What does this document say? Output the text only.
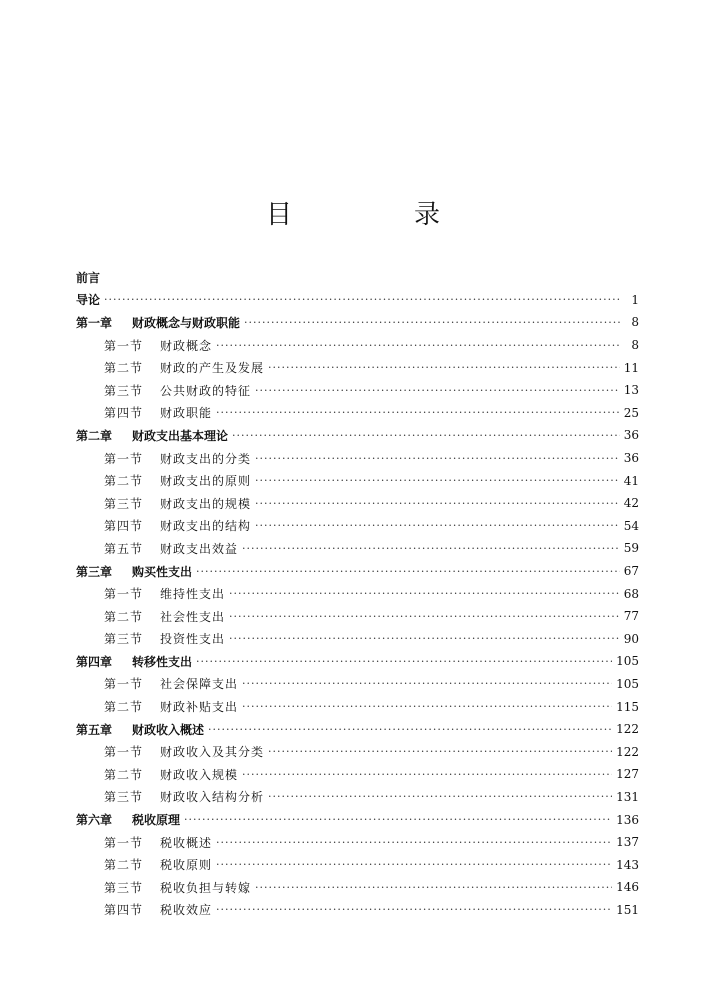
目　录
前言
导论 ·····	1
第一章	财政概念与财政职能 ·····	8
第一节	财政概念 ·····	8
第二节	财政的产生及发展 ·····	11
第三节	公共财政的特征 ·····	13
第四节	财政职能 ·····	25
第二章	财政支出基本理论 ·····	36
第一节	财政支出的分类 ·····	36
第二节	财政支出的原则 ·····	41
第三节	财政支出的规模 ·····	42
第四节	财政支出的结构 ·····	54
第五节	财政支出效益 ·····	59
第三章	购买性支出 ·····	67
第一节	维持性支出 ·····	68
第二节	社会性支出 ·····	77
第三节	投资性支出 ·····	90
第四章	转移性支出 ·····	105
第一节	社会保障支出 ·····	105
第二节	财政补贴支出 ·····	115
第五章	财政收入概述 ·····	122
第一节	财政收入及其分类 ·····	122
第二节	财政收入规模 ·····	127
第三节	财政收入结构分析 ·····	131
第六章	税收原理 ·····	136
第一节	税收概述 ·····	137
第二节	税收原则 ·····	143
第三节	税收负担与转嫁 ·····	146
第四节	税收效应 ·····	151
